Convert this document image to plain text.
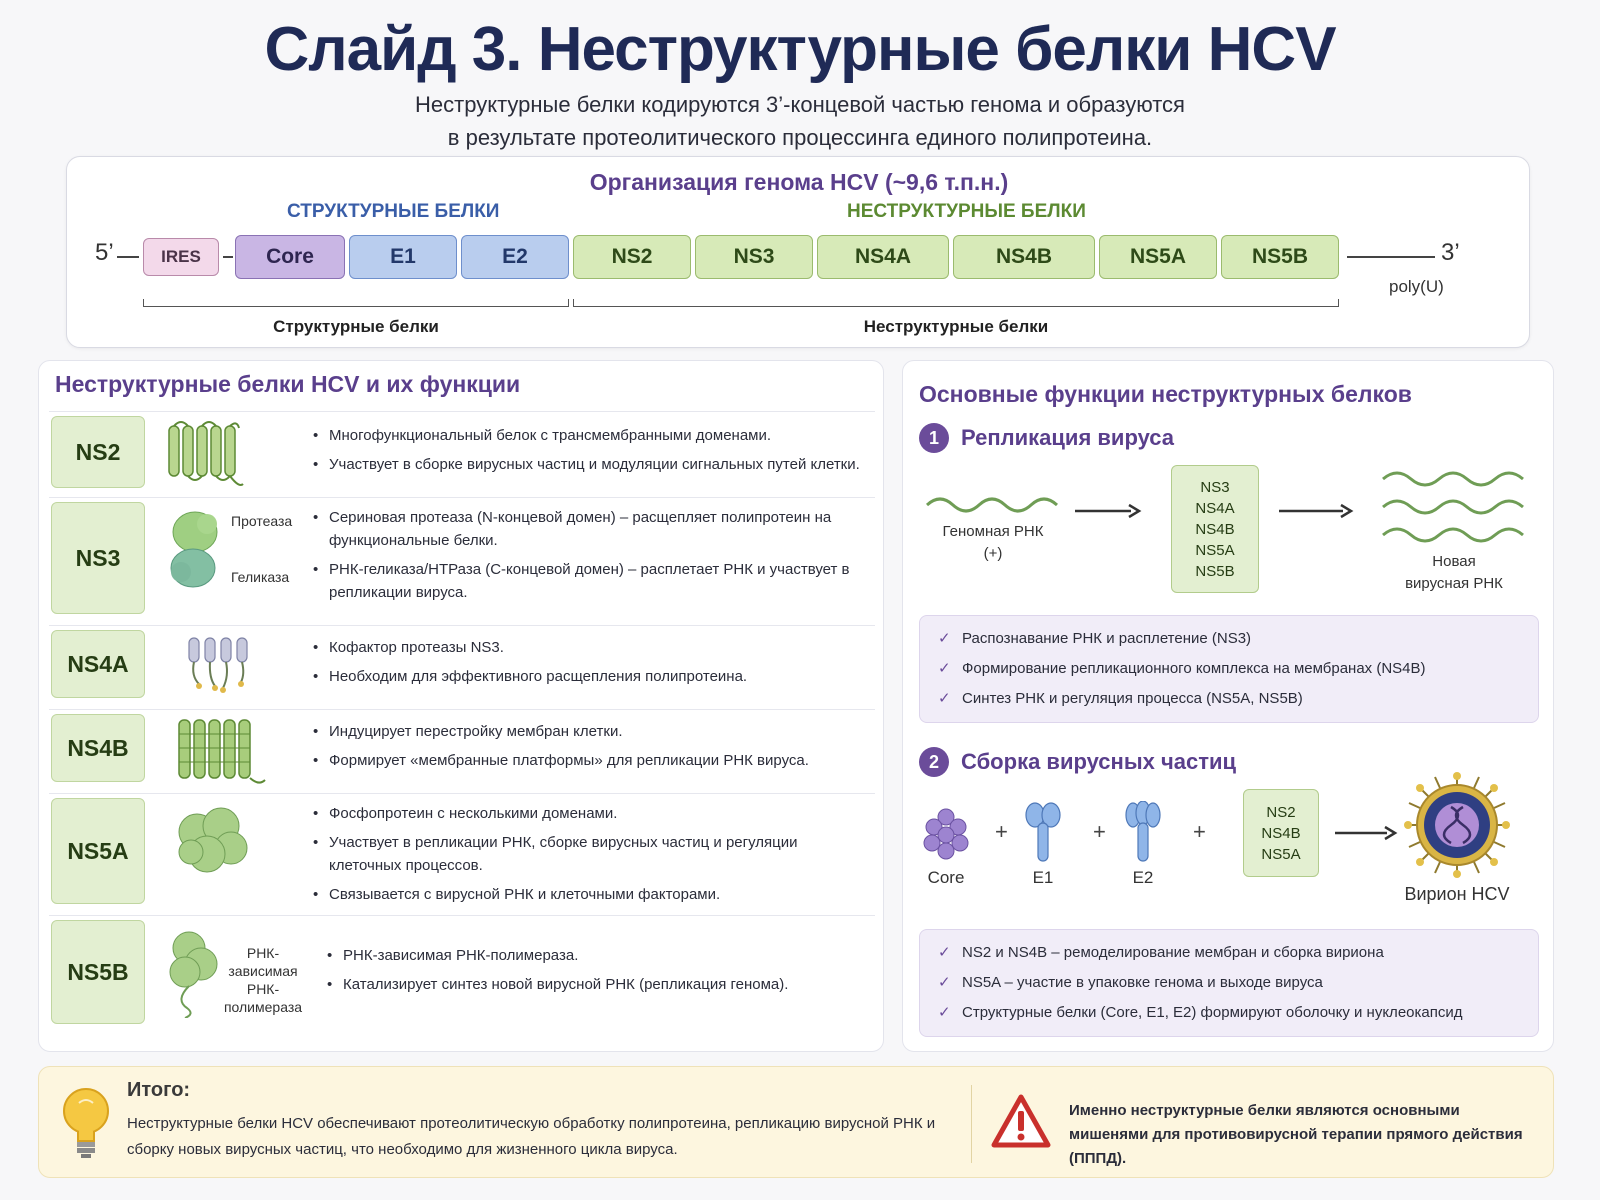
Слайд 3. Неструктурные белки HCV
Неструктурные белки кодируются 3’-концевой частью генома и образуются
в результате протеолитического процессинга единого полипротеина.
Организация генома HCV (~9,6 т.п.н.)
СТРУКТУРНЫЕ БЕЛКИ	НЕСТРУКТУРНЫЕ БЕЛКИ
5’	IRES	Core	E1	E2	NS2	NS3	NS4A	NS4B	NS5A	NS5B	3’
poly(U)
Структурные белки	Неструктурные белки
Неструктурные белки HCV и их функции
NS2
• Многофункциональный белок с трансмембранными доменами.
• Участвует в сборке вирусных частиц и модуляции сигнальных путей клетки.
NS3
Протеаза
Геликаза
• Сериновая протеаза (N-концевой домен) – расщепляет полипротеин на функциональные белки.
• РНК-геликаза/НТРаза (С-концевой домен) – расплетает РНК и участвует в репликации вируса.
NS4A
• Кофактор протеазы NS3.
• Необходим для эффективного расщепления полипротеина.
NS4B
• Индуцирует перестройку мембран клетки.
• Формирует «мембранные платформы» для репликации РНК вируса.
NS5A
• Фосфопротеин с несколькими доменами.
• Участвует в репликации РНК, сборке вирусных частиц и регуляции клеточных процессов.
• Связывается с вирусной РНК и клеточными факторами.
NS5B
РНК-
зависимая
РНК-полимераза
• РНК-зависимая РНК-полимераза.
• Катализирует синтез новой вирусной РНК (репликация генома).
Основные функции неструктурных белков
1	Репликация вируса
Геномная РНК
(+)
NS3
NS4A
NS4B
NS5A
NS5B
Новая
вирусная РНК
✓ Распознавание РНК и расплетение (NS3)
✓ Формирование репликационного комплекса на мембранах (NS4B)
✓ Синтез РНК и регуляция процесса (NS5A, NS5B)
2	Сборка вирусных частиц
Core
+
E1
+
E2
+
NS2
NS4B
NS5A
Вирион HCV
✓ NS2 и NS4B – ремоделирование мембран и сборка вириона
✓ NS5A – участие в упаковке генома и выходе вируса
✓ Структурные белки (Core, E1, E2) формируют оболочку и нуклеокапсид
Итого:
Неструктурные белки HCV обеспечивают протеолитическую обработку полипротеина, репликацию вирусной РНК и сборку новых вирусных частиц, что необходимо для жизненного цикла вируса.
Именно неструктурные белки являются основными мишенями для противовирусной терапии прямого действия (ПППД).
